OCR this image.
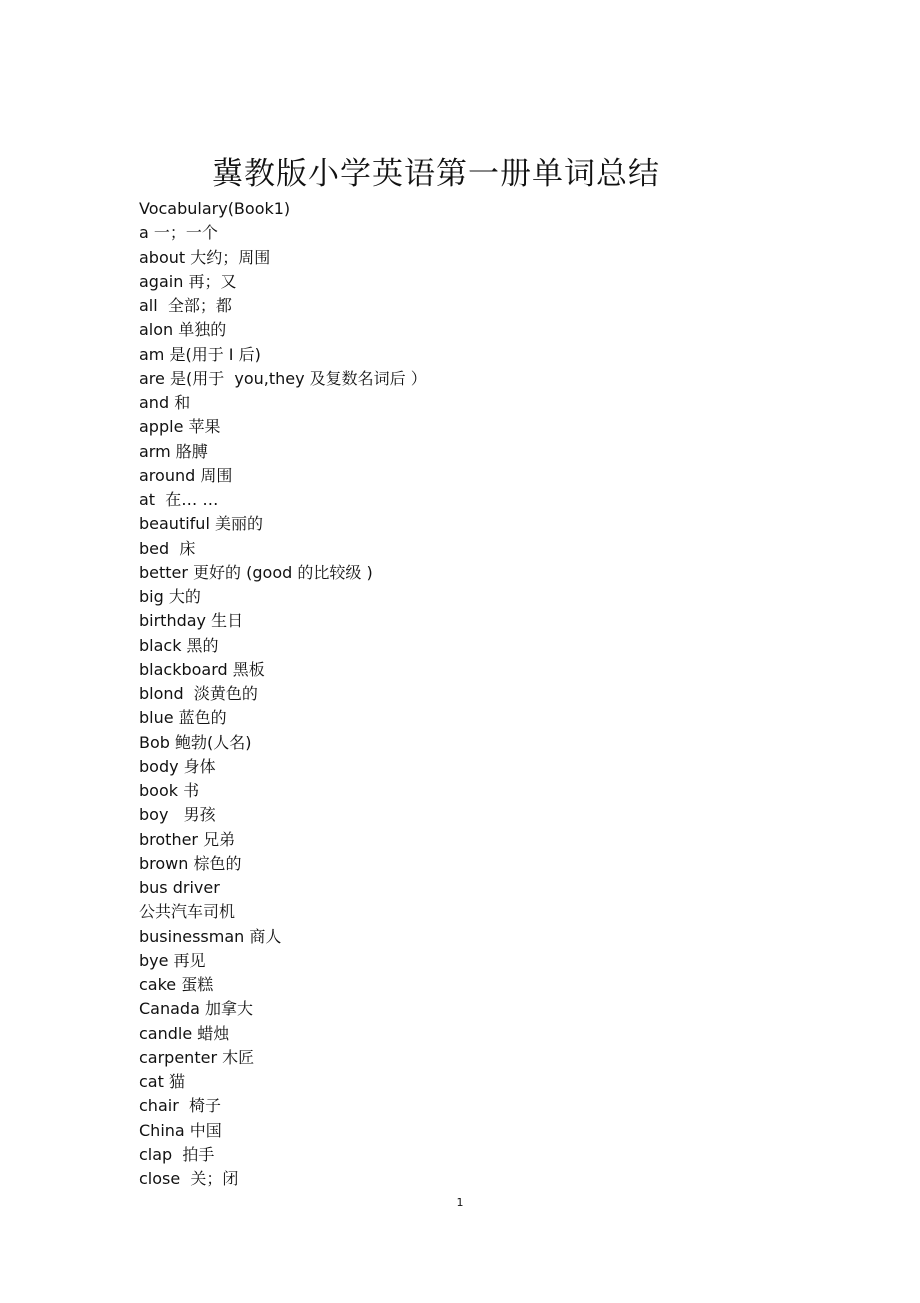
冀教版小学英语第一册单词总结
Vocabulary(Book1)
a 一；一个
about 大约；周围
again 再；又
all  全部；都
alon 单独的
am 是(用于 I 后)
are 是(用于  you,they 及复数名词后 ）
and 和
apple 苹果
arm 胳膊
around 周围
at  在… …
beautiful 美丽的
bed  床
better 更好的 (good 的比较级 )
big 大的
birthday 生日
black 黑的
blackboard 黑板
blond  淡黄色的
blue 蓝色的
Bob 鲍勃(人名)
body 身体
book 书
boy   男孩
brother 兄弟
brown 棕色的
bus driver
公共汽车司机
businessman 商人
bye 再见
cake 蛋糕
Canada 加拿大
candle 蜡烛
carpenter 木匠
cat 猫
chair  椅子
China 中国
clap  拍手
close  关；闭
1
